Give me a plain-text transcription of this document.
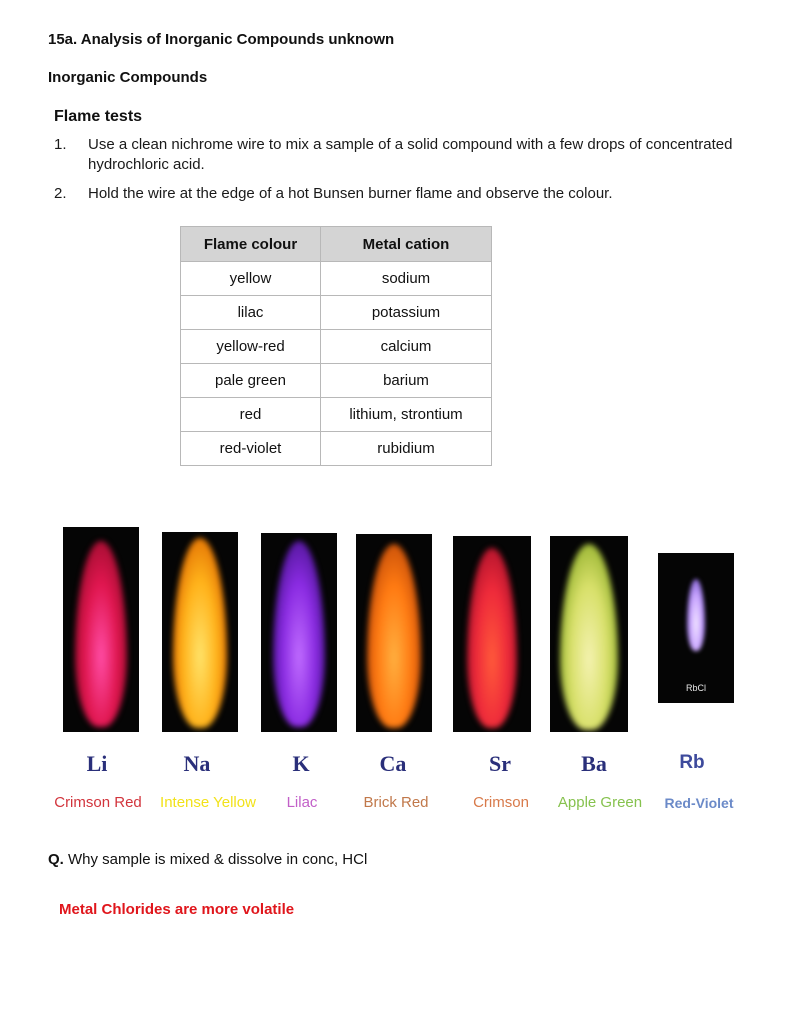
15a. Analysis of Inorganic Compounds unknown
Inorganic Compounds
Flame tests
1. Use a clean nichrome wire to mix a sample of a solid compound with a few drops of concentrated hydrochloric acid.
2. Hold the wire at the edge of a hot Bunsen burner flame and observe the colour.
Flame colour	Metal cation
yellow	sodium
lilac	potassium
yellow-red	calcium
pale green	barium
red	lithium, strontium
red-violet	rubidium
RbCl
Li	Na	K	Ca	Sr	Ba	Rb
Crimson Red	Intense Yellow	Lilac	Brick Red	Crimson	Apple Green	Red-Violet
Q. Why sample is mixed & dissolve in conc, HCl
Metal Chlorides are more volatile
